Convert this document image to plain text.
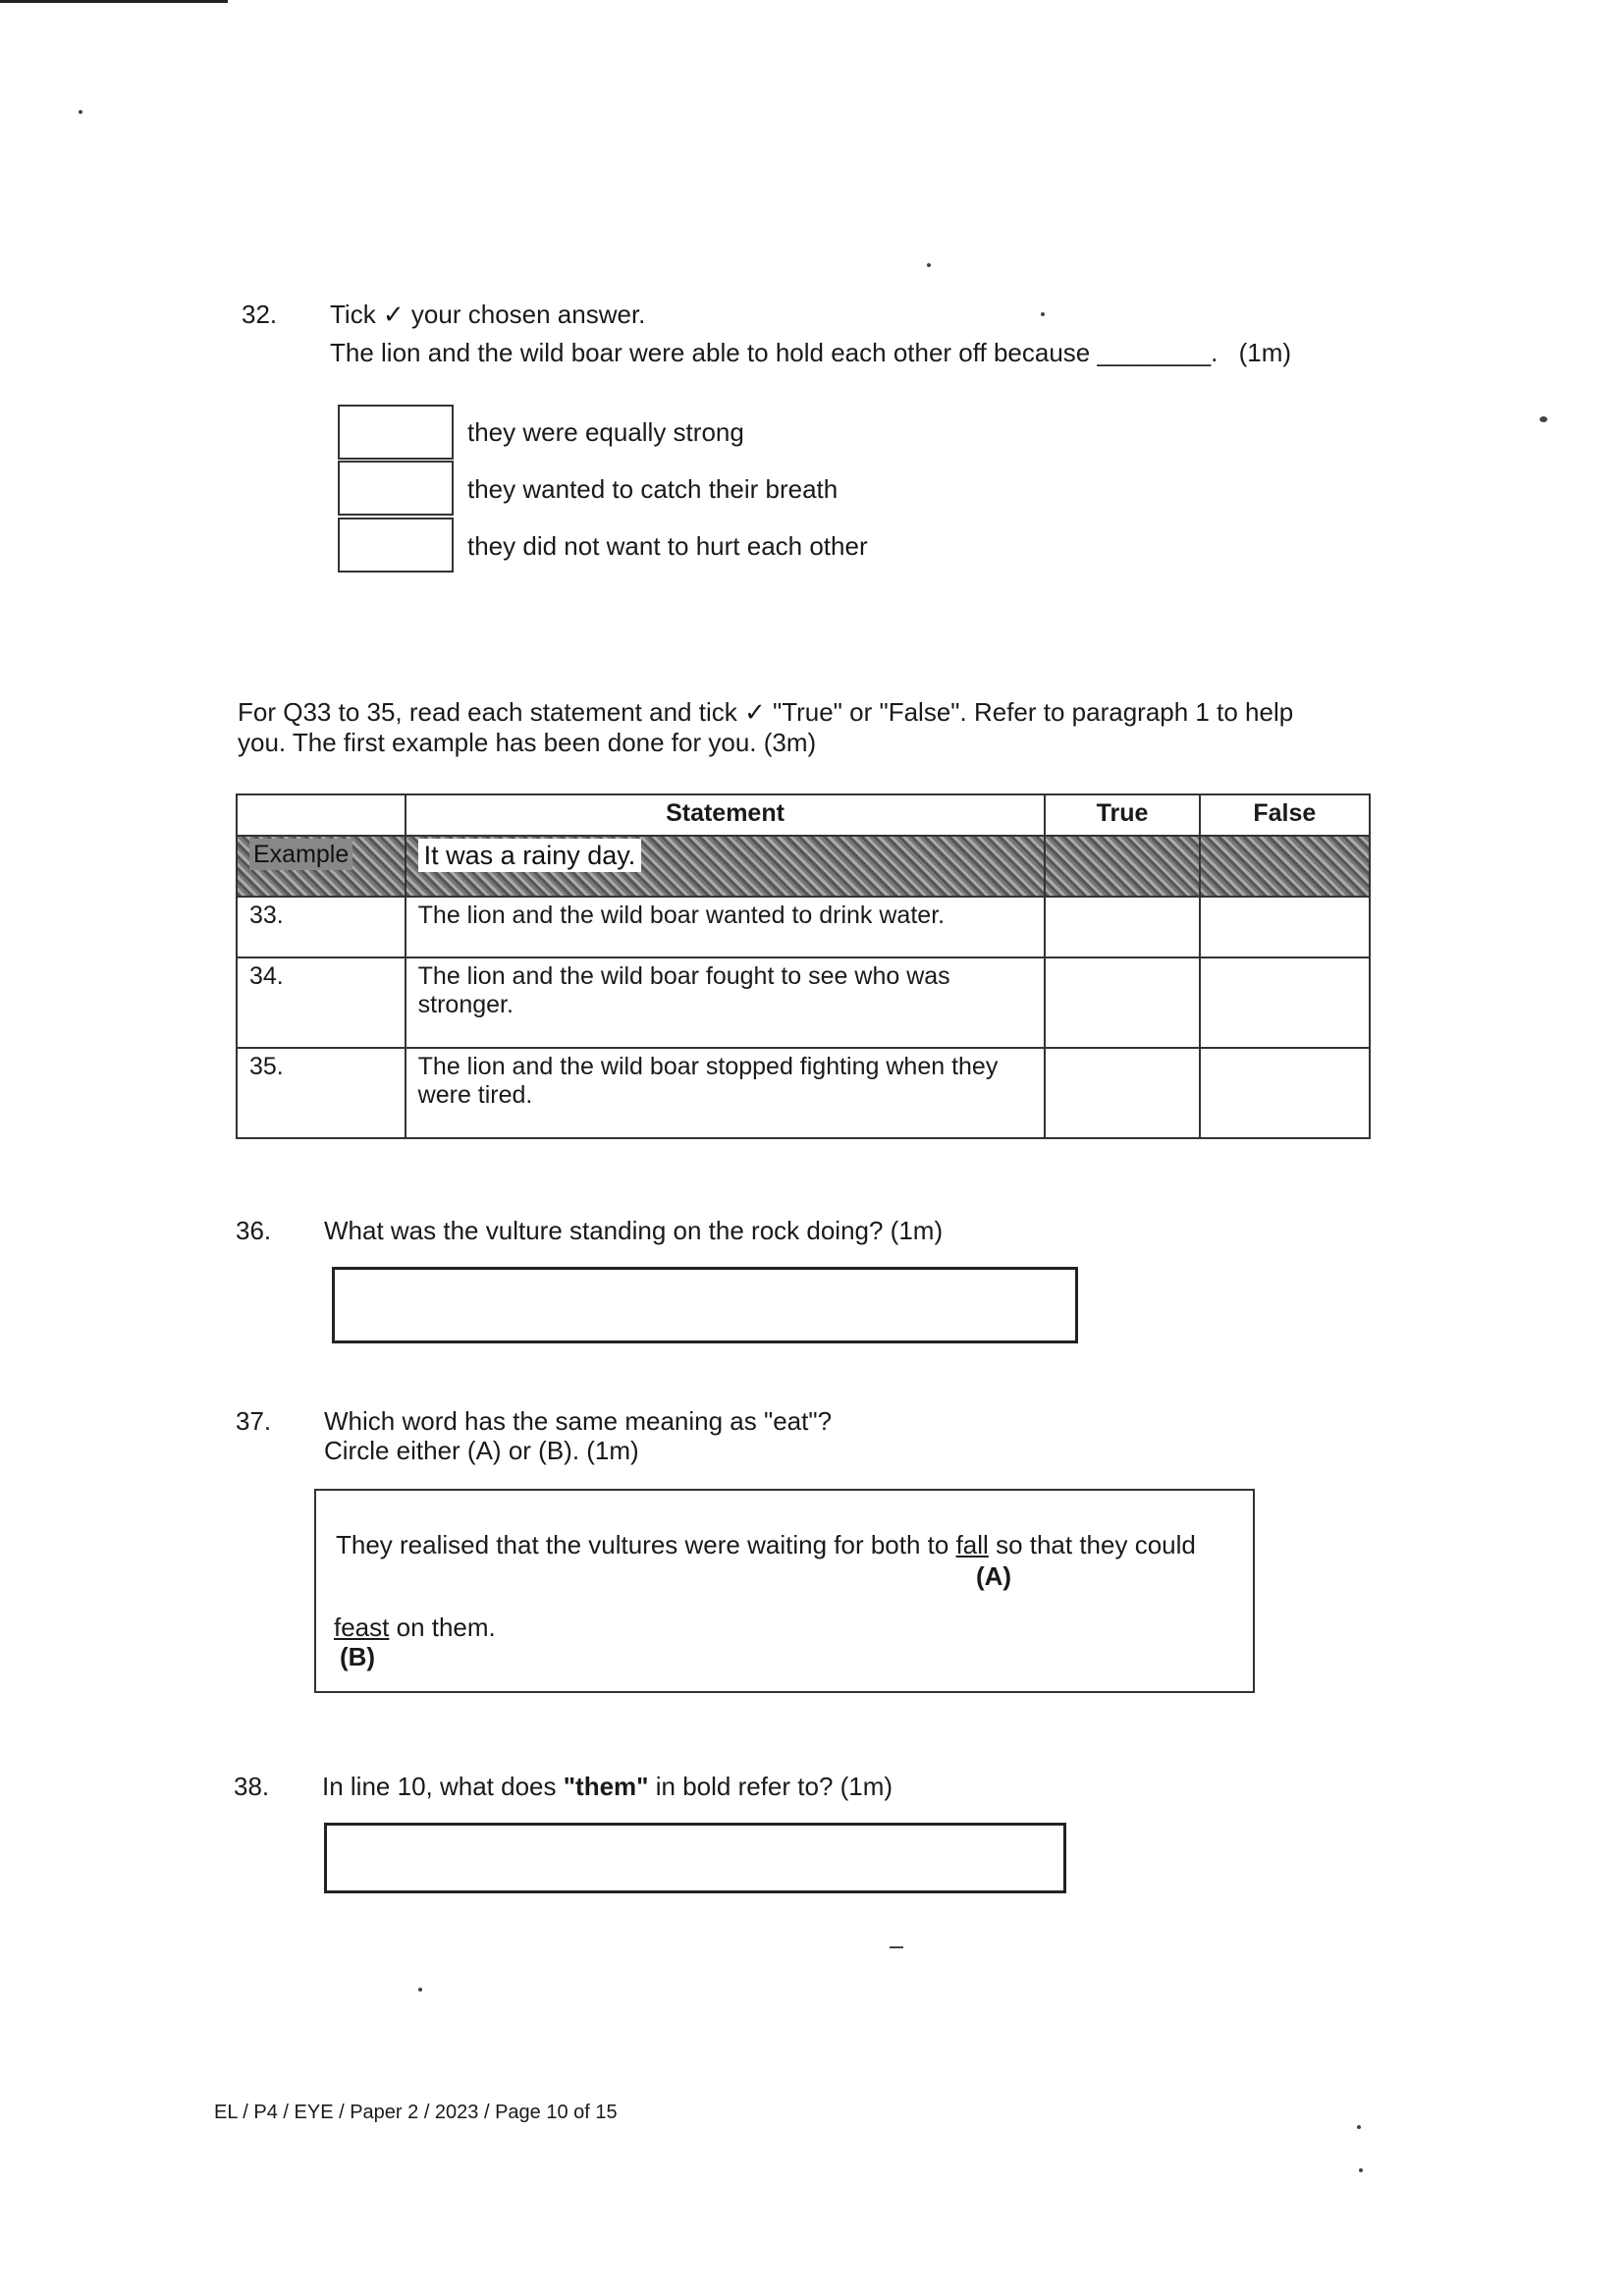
32. Tick ✓ your chosen answer.
The lion and the wild boar were able to hold each other off because ________. (1m)
they were equally strong
they wanted to catch their breath
they did not want to hurt each other
For Q33 to 35, read each statement and tick ✓ "True" or "False". Refer to paragraph 1 to help
you. The first example has been done for you. (3m)
	Statement	True	False
Example	It was a rainy day.		
33.	The lion and the wild boar wanted to drink water.		
34.	The lion and the wild boar fought to see who was stronger.		
35.	The lion and the wild boar stopped fighting when they were tired.		
36. What was the vulture standing on the rock doing? (1m)
37. Which word has the same meaning as "eat"?
Circle either (A) or (B). (1m)
They realised that the vultures were waiting for both to fall so that they could
(A)
feast on them.
(B)
38. In line 10, what does "them" in bold refer to? (1m)
EL / P4 / EYE / Paper 2 / 2023 / Page 10 of 15
